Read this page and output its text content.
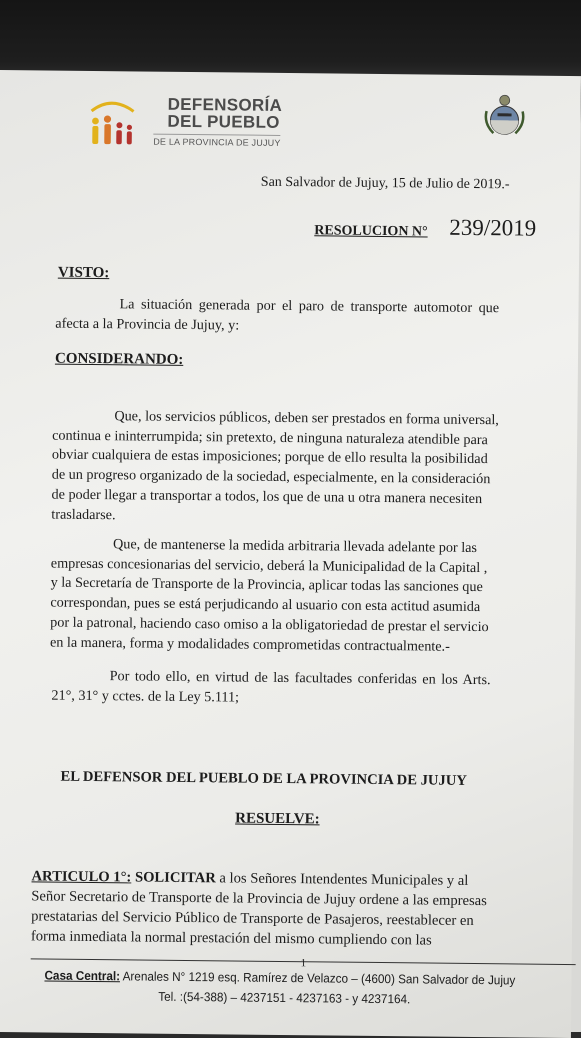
DEFENSORÍA
DEL PUEBLO
DE LA PROVINCIA DE JUJUY
San Salvador de Jujuy, 15 de Julio de 2019.-
RESOLUCION N° 239/2019
VISTO:
La situación generada por el paro de transporte automotor que
afecta a la Provincia de Jujuy, y:
CONSIDERANDO:
Que, los servicios públicos, deben ser prestados en forma universal,
continua e ininterrumpida; sin pretexto, de ninguna naturaleza atendible para
obviar cualquiera de estas imposiciones; porque de ello resulta la posibilidad
de un progreso organizado de la sociedad, especialmente, en la consideración
de poder llegar a transportar a todos, los que de una u otra manera necesiten
trasladarse.
Que, de mantenerse la medida arbitraria llevada adelante por las
empresas concesionarias del servicio, deberá la Municipalidad de la Capital ,
y la Secretaría de Transporte de la Provincia, aplicar todas las sanciones que
correspondan, pues se está perjudicando al usuario con esta actitud asumida
por la patronal, haciendo caso omiso a la obligatoriedad de prestar el servicio
en la manera, forma y modalidades comprometidas contractualmente.-
Por todo ello, en virtud de las facultades conferidas en los Arts.
21°, 31° y cctes. de la Ley 5.111;
EL DEFENSOR DEL PUEBLO DE LA PROVINCIA DE JUJUY
RESUELVE:
ARTICULO 1°: SOLICITAR a los Señores Intendentes Municipales y al
Señor Secretario de Transporte de la Provincia de Jujuy ordene a las empresas
prestatarias del Servicio Público de Transporte de Pasajeros, reestablecer en
forma inmediata la normal prestación del mismo cumpliendo con las
1
Casa Central: Arenales N° 1219 esq. Ramírez de Velazco – (4600) San Salvador de Jujuy
Tel. :(54-388) – 4237151 - 4237163 - y 4237164.
